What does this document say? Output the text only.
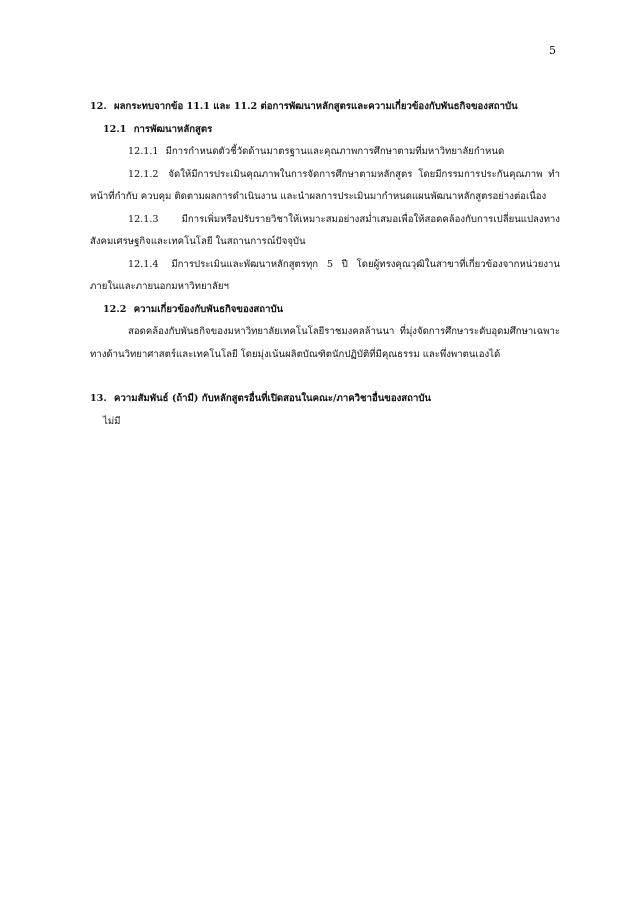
5

12. ผลกระทบจากข้อ 11.1 และ 11.2 ต่อการพัฒนาหลักสูตรและความเกี่ยวข้องกับพันธกิจของสถาบัน

12.1 การพัฒนาหลักสูตร

12.1.1 มีการกำหนดตัวชี้วัดด้านมาตรฐานและคุณภาพการศึกษาตามที่มหาวิทยาลัยกำหนด

12.1.2 จัดให้มีการประเมินคุณภาพในการจัดการศึกษาตามหลักสูตร โดยมีกรรมการประกันคุณภาพ ทำหน้าที่กำกับ ควบคุม ติดตามผลการดำเนินงาน และนำผลการประเมินมากำหนดแผนพัฒนาหลักสูตรอย่างต่อเนื่อง

12.1.3 มีการเพิ่มหรือปรับรายวิชาให้เหมาะสมอย่างสม่ำเสมอเพื่อให้สอดคล้องกับการเปลี่ยนแปลงทางสังคมเศรษฐกิจและเทคโนโลยี ในสถานการณ์ปัจจุบัน

12.1.4 มีการประเมินและพัฒนาหลักสูตรทุก 5 ปี โดยผู้ทรงคุณวุฒิในสาขาที่เกี่ยวข้องจากหน่วยงานภายในและภายนอกมหาวิทยาลัยฯ

12.2 ความเกี่ยวข้องกับพันธกิจของสถาบัน

สอดคล้องกับพันธกิจของมหาวิทยาลัยเทคโนโลยีราชมงคลล้านนา ที่มุ่งจัดการศึกษาระดับอุดมศึกษาเฉพาะทางด้านวิทยาศาสตร์และเทคโนโลยี โดยมุ่งเน้นผลิตบัณฑิตนักปฏิบัติที่มีคุณธรรม และพึ่งพาตนเองได้

13. ความสัมพันธ์ (ถ้ามี) กับหลักสูตรอื่นที่เปิดสอนในคณะ/ภาควิชาอื่นของสถาบัน

ไม่มี
